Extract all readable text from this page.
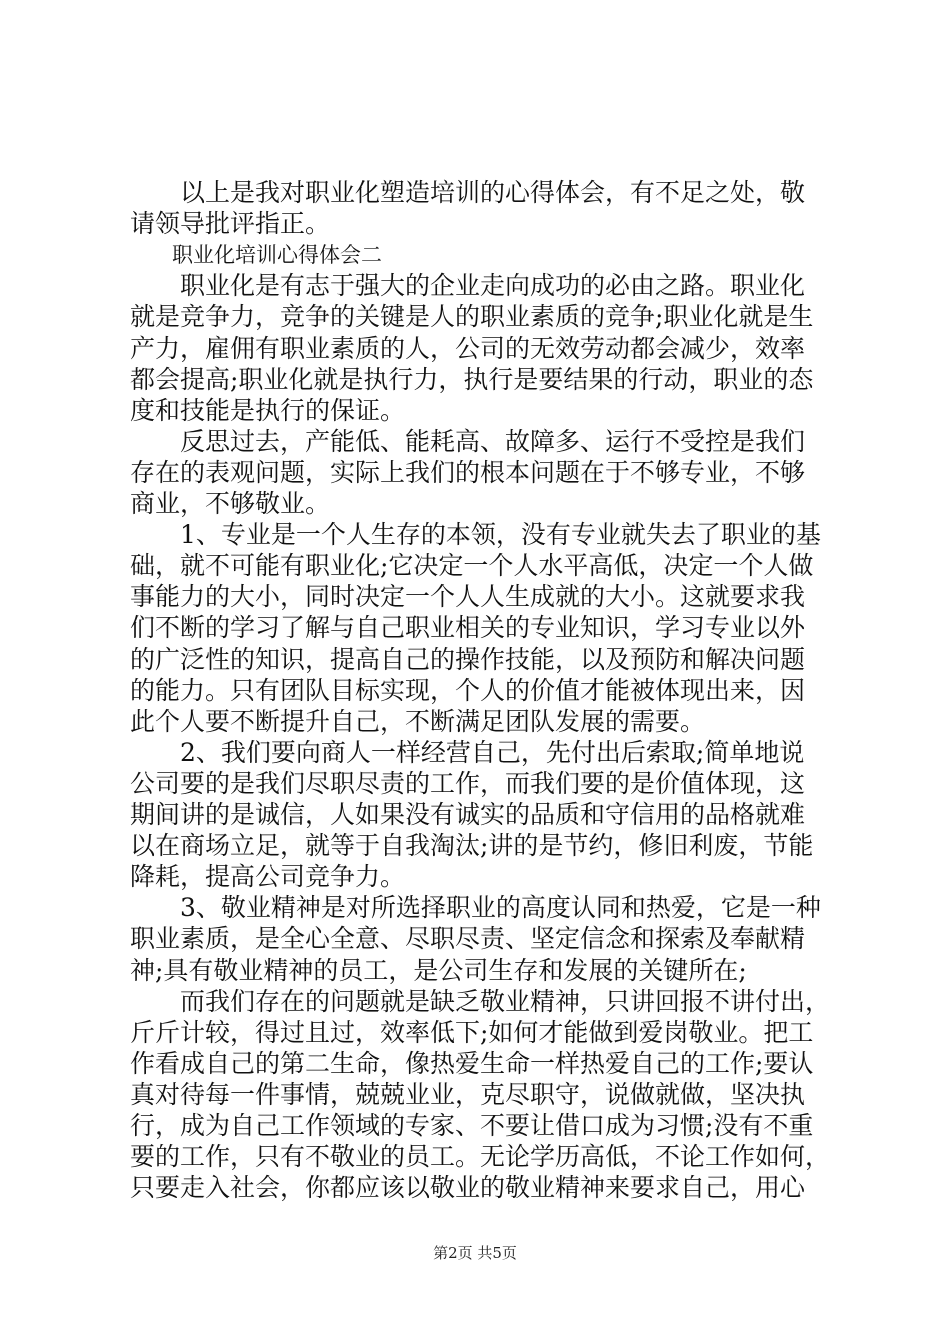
　　以上是我对职业化塑造培训的心得体会，有不足之处，敬
请领导批评指正。
　　职业化培训心得体会二
　　职业化是有志于强大的企业走向成功的必由之路。职业化
就是竞争力，竞争的关键是人的职业素质的竞争;职业化就是生
产力，雇佣有职业素质的人，公司的无效劳动都会减少，效率
都会提高;职业化就是执行力，执行是要结果的行动，职业的态
度和技能是执行的保证。
　　反思过去，产能低、能耗高、故障多、运行不受控是我们
存在的表观问题，实际上我们的根本问题在于不够专业，不够
商业，不够敬业。
　　1、专业是一个人生存的本领，没有专业就失去了职业的基
础，就不可能有职业化;它决定一个人水平高低，决定一个人做
事能力的大小，同时决定一个人人生成就的大小。这就要求我
们不断的学习了解与自己职业相关的专业知识，学习专业以外
的广泛性的知识，提高自己的操作技能，以及预防和解决问题
的能力。只有团队目标实现，个人的价值才能被体现出来，因
此个人要不断提升自己，不断满足团队发展的需要。
　　2、我们要向商人一样经营自己，先付出后索取;简单地说
公司要的是我们尽职尽责的工作，而我们要的是价值体现，这
期间讲的是诚信，人如果没有诚实的品质和守信用的品格就难
以在商场立足，就等于自我淘汰;讲的是节约，修旧利废，节能
降耗，提高公司竞争力。
　　3、敬业精神是对所选择职业的高度认同和热爱，它是一种
职业素质，是全心全意、尽职尽责、坚定信念和探索及奉献精
神;具有敬业精神的员工，是公司生存和发展的关键所在;
　　而我们存在的问题就是缺乏敬业精神，只讲回报不讲付出，
斤斤计较，得过且过，效率低下;如何才能做到爱岗敬业。把工
作看成自己的第二生命，像热爱生命一样热爱自己的工作;要认
真对待每一件事情，兢兢业业，克尽职守，说做就做，坚决执
行，成为自己工作领域的专家、不要让借口成为习惯;没有不重
要的工作，只有不敬业的员工。无论学历高低，不论工作如何，
只要走入社会，你都应该以敬业的敬业精神来要求自己，用心
第2页 共5页
